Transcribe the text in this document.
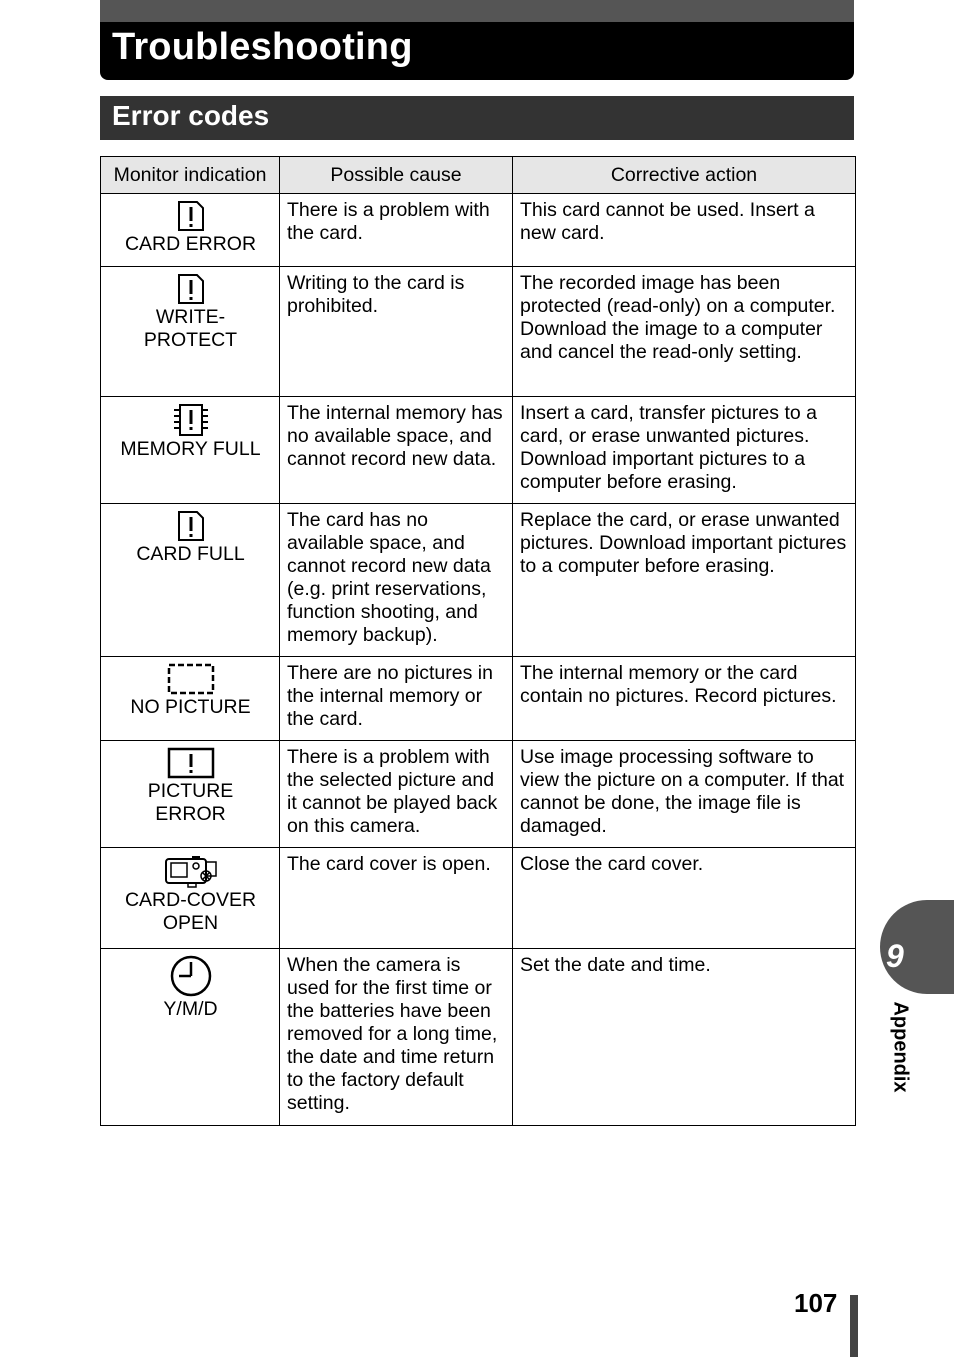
Troubleshooting
Error codes
Monitor indication	Possible cause	Corrective action

CARD ERROR	There is a problem with the card.	This card cannot be used. Insert a new card.

WRITE-PROTECT	Writing to the card is prohibited.	The recorded image has been protected (read-only) on a computer. Download the image to a computer and cancel the read-only setting.

MEMORY FULL	The internal memory has no available space, and cannot record new data.	Insert a card, transfer pictures to a card, or erase unwanted pictures. Download important pictures to a computer before erasing.

CARD FULL	The card has no available space, and cannot record new data (e.g. print reservations, function shooting, and memory backup).	Replace the card, or erase unwanted pictures. Download important pictures to a computer before erasing.

NO PICTURE	There are no pictures in the internal memory or the card.	The internal memory or the card contain no pictures. Record pictures.

PICTURE ERROR	There is a problem with the selected picture and it cannot be played back on this camera.	Use image processing software to view the picture on a computer. If that cannot be done, the image file is damaged.

CARD-COVER OPEN	The card cover is open.	Close the card cover.

Y/M/D	When the camera is used for the first time or the batteries have been removed for a long time, the date and time return to the factory default setting.	Set the date and time.	9
Appendix
107
